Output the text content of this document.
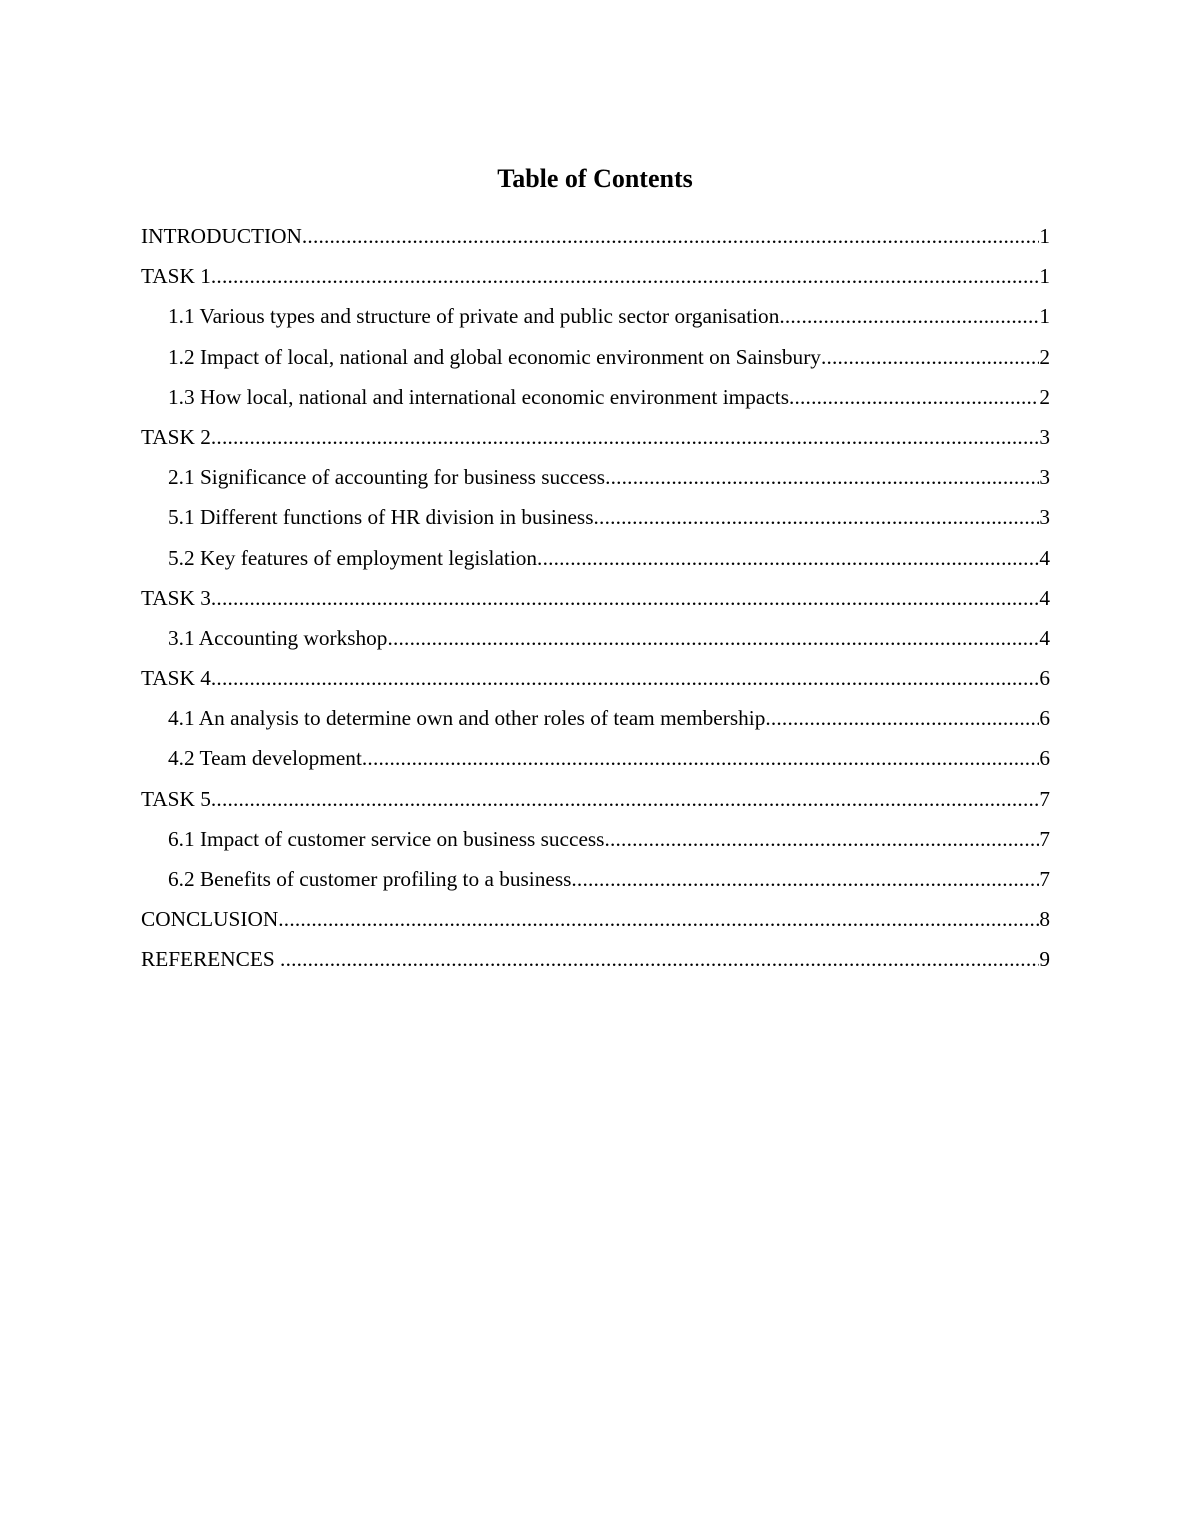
Table of Contents
INTRODUCTION .....	1
TASK 1 .....	1
1.1 Various types and structure of private and public sector organisation .....	1
1.2 Impact of local, national and global economic environment on Sainsbury .....	2
1.3 How local, national and international economic environment impacts .....	2
TASK 2 .....	3
2.1 Significance of accounting for business success .....	3
5.1 Different functions of HR division in business .....	3
5.2 Key features of employment legislation .....	4
TASK 3 .....	4
3.1 Accounting workshop .....	4
TASK 4 .....	6
4.1 An analysis to determine own and other roles of team membership .....	6
4.2 Team development .....	6
TASK 5 .....	7
6.1 Impact of customer service on business success .....	7
6.2 Benefits of customer profiling to a business .....	7
CONCLUSION .....	8
REFERENCES .....	9
